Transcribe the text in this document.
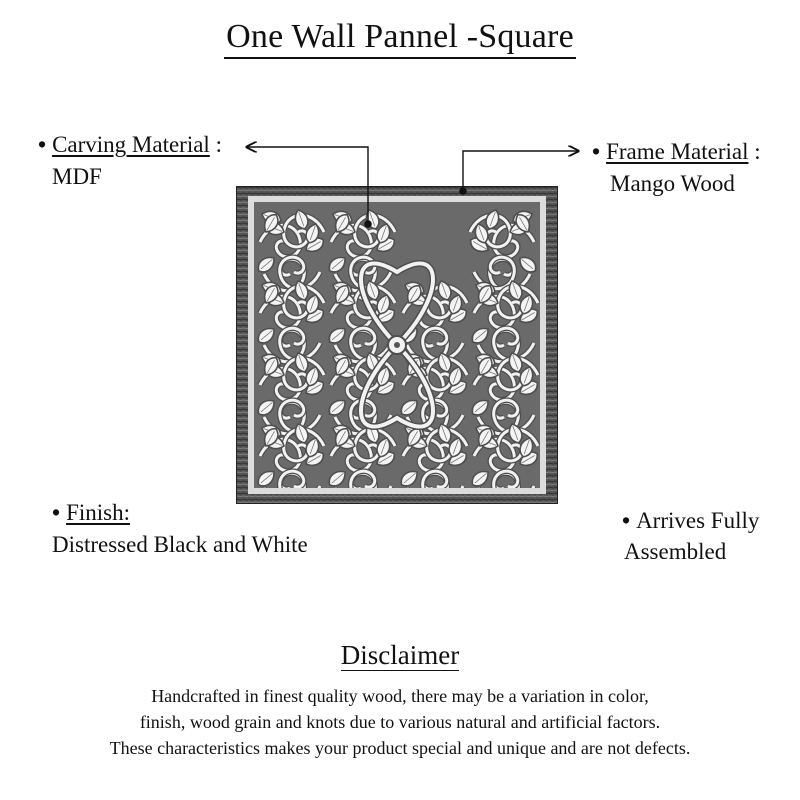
One Wall Pannel -Square
• Carving Material :
MDF
• Frame Material :
Mango Wood
• Finish:
Distressed Black and White
• Arrives Fully
Assembled
Disclaimer
Handcrafted in finest quality wood, there may be a variation in color,
finish, wood grain and knots due to various natural and artificial factors.
These characteristics makes your product special and unique and are not defects.
